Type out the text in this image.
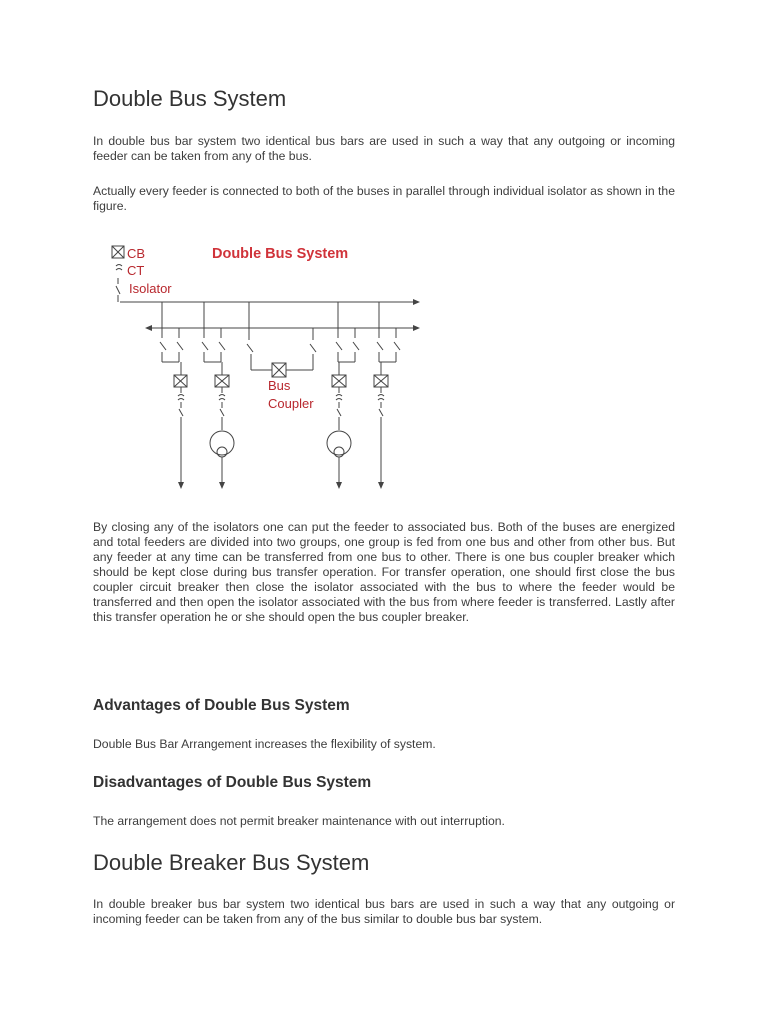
Double Bus System

In double bus bar system two identical bus bars are used in such a way that any outgoing or incoming feeder can be taken from any of the bus.

Actually every feeder is connected to both of the buses in parallel through individual isolator as shown in the figure.

CB
CT
Isolator
Double Bus System
Bus
Coupler

By closing any of the isolators one can put the feeder to associated bus. Both of the buses are energized and total feeders are divided into two groups, one group is fed from one bus and other from other bus. But any feeder at any time can be transferred from one bus to other. There is one bus coupler breaker which should be kept close during bus transfer operation. For transfer operation, one should first close the bus coupler circuit breaker then close the isolator associated with the bus to where the feeder would be transferred and then open the isolator associated with the bus from where feeder is transferred. Lastly after this transfer operation he or she should open the bus coupler breaker.

Advantages of Double Bus System

Double Bus Bar Arrangement increases the flexibility of system.

Disadvantages of Double Bus System

The arrangement does not permit breaker maintenance with out interruption.

Double Breaker Bus System

In double breaker bus bar system two identical bus bars are used in such a way that any outgoing or incoming feeder can be taken from any of the bus similar to double bus bar system.
